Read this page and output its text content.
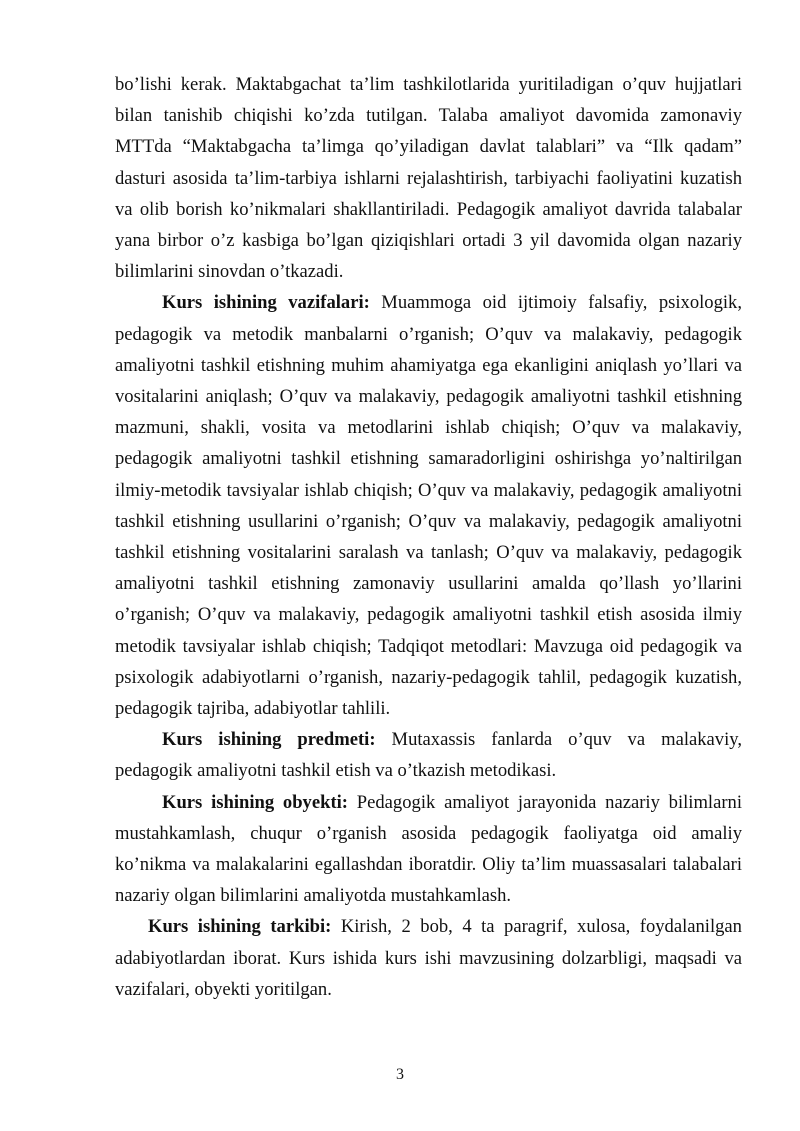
bo’lishi kerak. Maktabgachat ta’lim tashkilotlarida yuritiladigan o’quv hujjatlari bilan tanishib chiqishi ko’zda tutilgan. Talaba amaliyot davomida zamonaviy MTTda “Maktabgacha ta’limga qo’yiladigan davlat talablari” va “Ilk qadam” dasturi asosida ta’lim-tarbiya ishlarni rejalashtirish, tarbiyachi faoliyatini kuzatish va olib borish ko’nikmalari shakllantiriladi. Pedagogik amaliyot davrida talabalar yana birbor o’z kasbiga bo’lgan qiziqishlari ortadi 3 yil davomida olgan nazariy bilimlarini sinovdan o’tkazadi.

Kurs ishining vazifalari: Muammoga oid ijtimoiy falsafiy, psixologik, pedagogik va metodik manbalarni o’rganish; O’quv va malakaviy, pedagogik amaliyotni tashkil etishning muhim ahamiyatga ega ekanligini aniqlash yo’llari va vositalarini aniqlash; O’quv va malakaviy, pedagogik amaliyotni tashkil etishning mazmuni, shakli, vosita va metodlarini ishlab chiqish; O’quv va malakaviy, pedagogik amaliyotni tashkil etishning samaradorligini oshirishga yo’naltirilgan ilmiy-metodik tavsiyalar ishlab chiqish; O’quv va malakaviy, pedagogik amaliyotni tashkil etishning usullarini o’rganish; O’quv va malakaviy, pedagogik amaliyotni tashkil etishning vositalarini saralash va tanlash; O’quv va malakaviy, pedagogik amaliyotni tashkil etishning zamonaviy usullarini amalda qo’llash yo’llarini o’rganish; O’quv va malakaviy, pedagogik amaliyotni tashkil etish asosida ilmiy metodik tavsiyalar ishlab chiqish; Tadqiqot metodlari: Mavzuga oid pedagogik va psixologik adabiyotlarni o’rganish, nazariy-pedagogik tahlil, pedagogik kuzatish, pedagogik tajriba, adabiyotlar tahlili.

Kurs ishining predmeti: Mutaxassis fanlarda o’quv va malakaviy, pedagogik amaliyotni tashkil etish va o’tkazish metodikasi.

Kurs ishining obyekti: Pedagogik amaliyot jarayonida nazariy bilimlarni mustahkamlash, chuqur o’rganish asosida pedagogik faoliyatga oid amaliy ko’nikma va malakalarini egallashdan iboratdir. Oliy ta’lim muassasalari talabalari nazariy olgan bilimlarini amaliyotda mustahkamlash.

Kurs ishining tarkibi: Kirish, 2 bob, 4 ta paragrif, xulosa, foydalanilgan adabiyotlardan iborat. Kurs ishida kurs ishi mavzusining dolzarbligi, maqsadi va vazifalari, obyekti yoritilgan.

3
